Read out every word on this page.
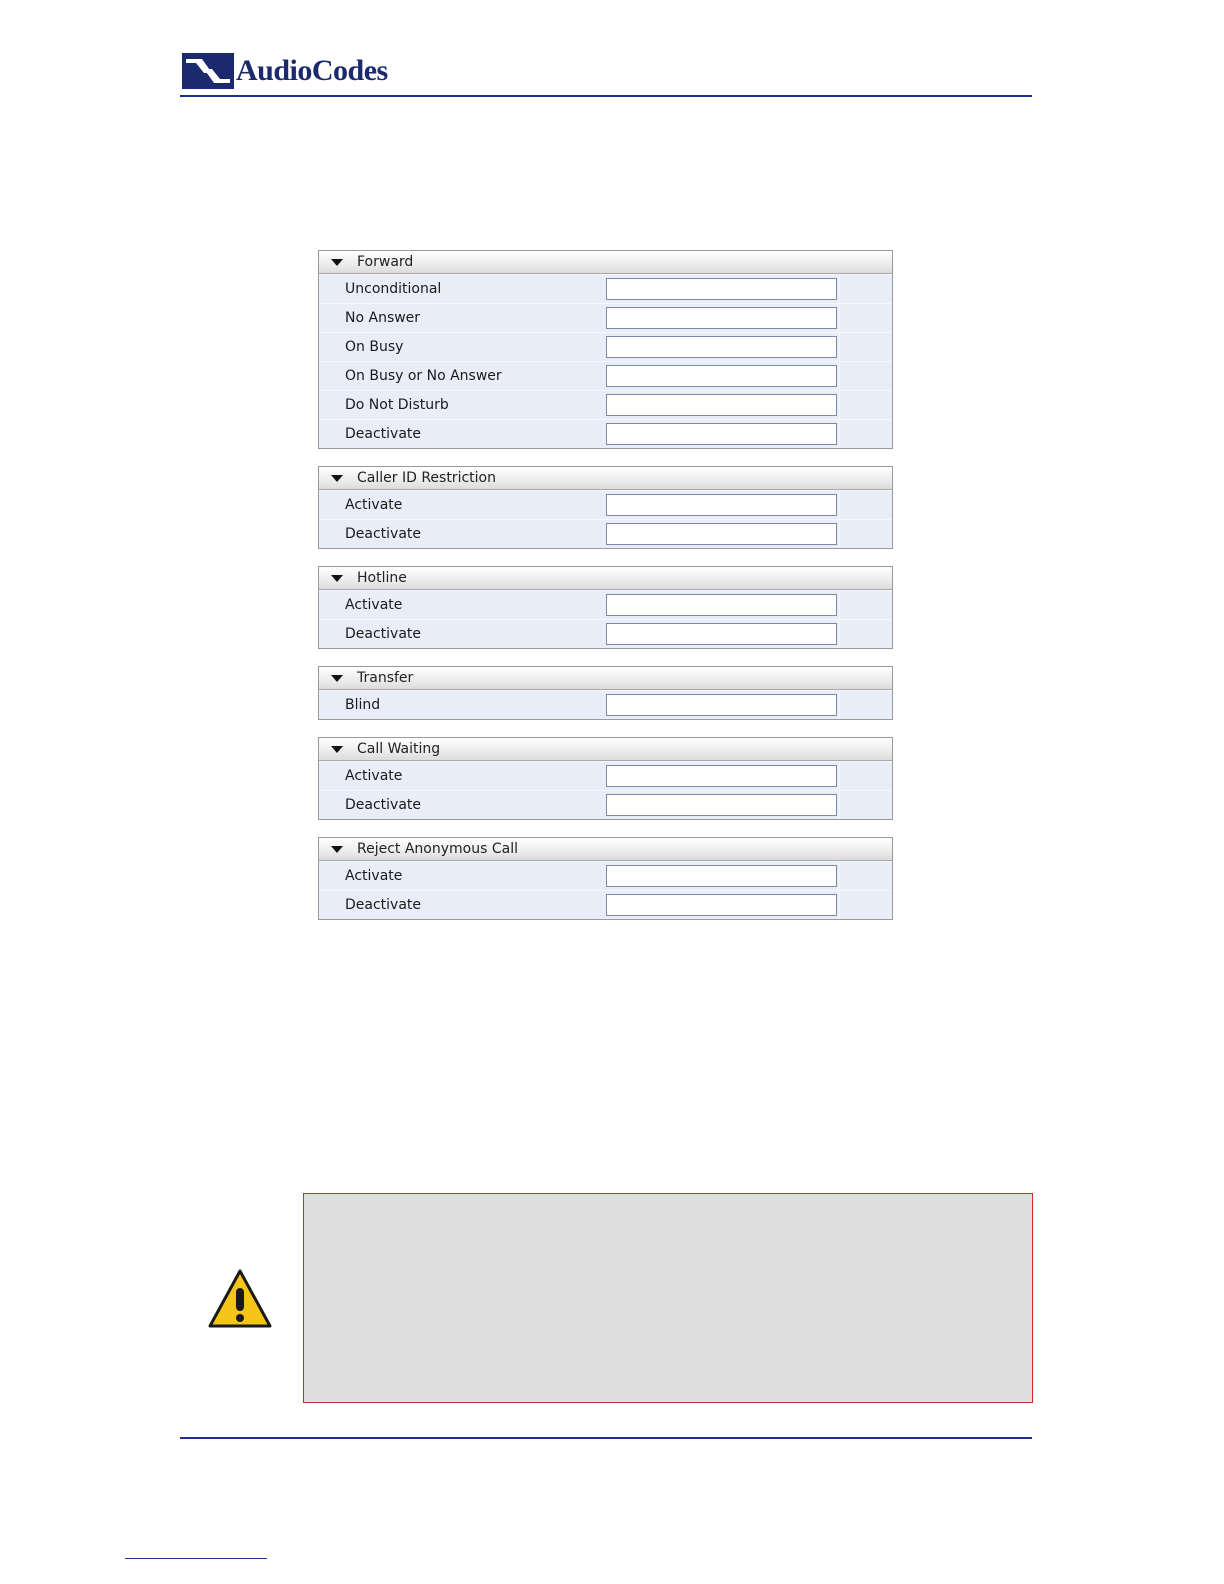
AudioCodes
Forward
Unconditional
No Answer
On Busy
On Busy or No Answer
Do Not Disturb
Deactivate
Caller ID Restriction
Activate
Deactivate
Hotline
Activate
Deactivate
Transfer
Blind
Call Waiting
Activate
Deactivate
Reject Anonymous Call
Activate
Deactivate
